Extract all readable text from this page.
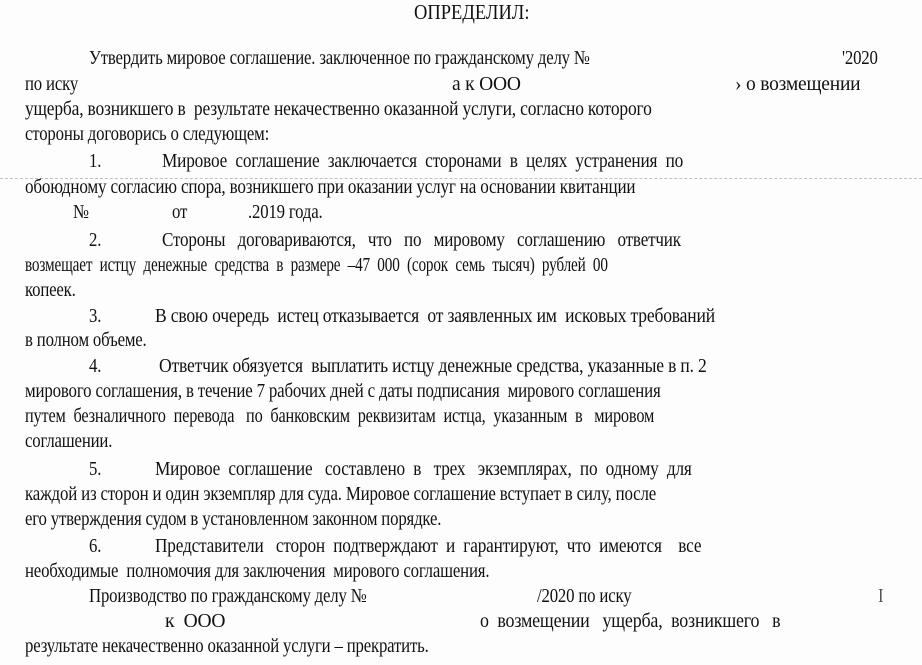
ОПРЕДЕЛИЛ:
Утвердить мировое соглашение. заключенное по гражданскому делу №	'2020
по иску	а к ООО	› о возмещении
ущерба, возникшего в  результате некачественно оказанной услуги, согласно которого
стороны договорись о следующем:
1.	Мировое  соглашение  заключается  сторонами  в  целях  устранения  по
обоюдному согласию спора, возникшего при оказании услуг на основании квитанции
№	от	.2019 года.
2.	Стороны   договариваются,   что   по   мировому   соглашению   ответчик
возмещает  истцу  денежные  средства  в  размере  –47  000  (сорок  семь  тысяч)  рублей  00
копеек.
3.	В свою очередь  истец отказывается  от заявленных им  исковых требований
в полном объеме.
4.	Ответчик обязуется  выплатить истцу денежные средства, указанные в п. 2
мирового соглашения, в течение 7 рабочих дней с даты подписания  мирового соглашения
путем  безналичного  перевода   по  банковским  реквизитам  истца,  указанным  в   мировом
соглашении.
5.	Мировое  соглашение   составлено  в   трех   экземплярах,  по  одному  для
каждой из сторон и один экземпляр для суда. Мировое соглашение вступает в силу, после
его утверждения судом в установленном законном порядке.
6.	Представители   сторон  подтверждают  и  гарантируют,  что  имеются    все
необходимые  полномочия для заключения  мирового соглашения.
Производство по гражданскому делу №	/2020 по иску	I
к  ООО	о  возмещении   ущерба,  возникшего   в
результате некачественно оказанной услуги – прекратить.
